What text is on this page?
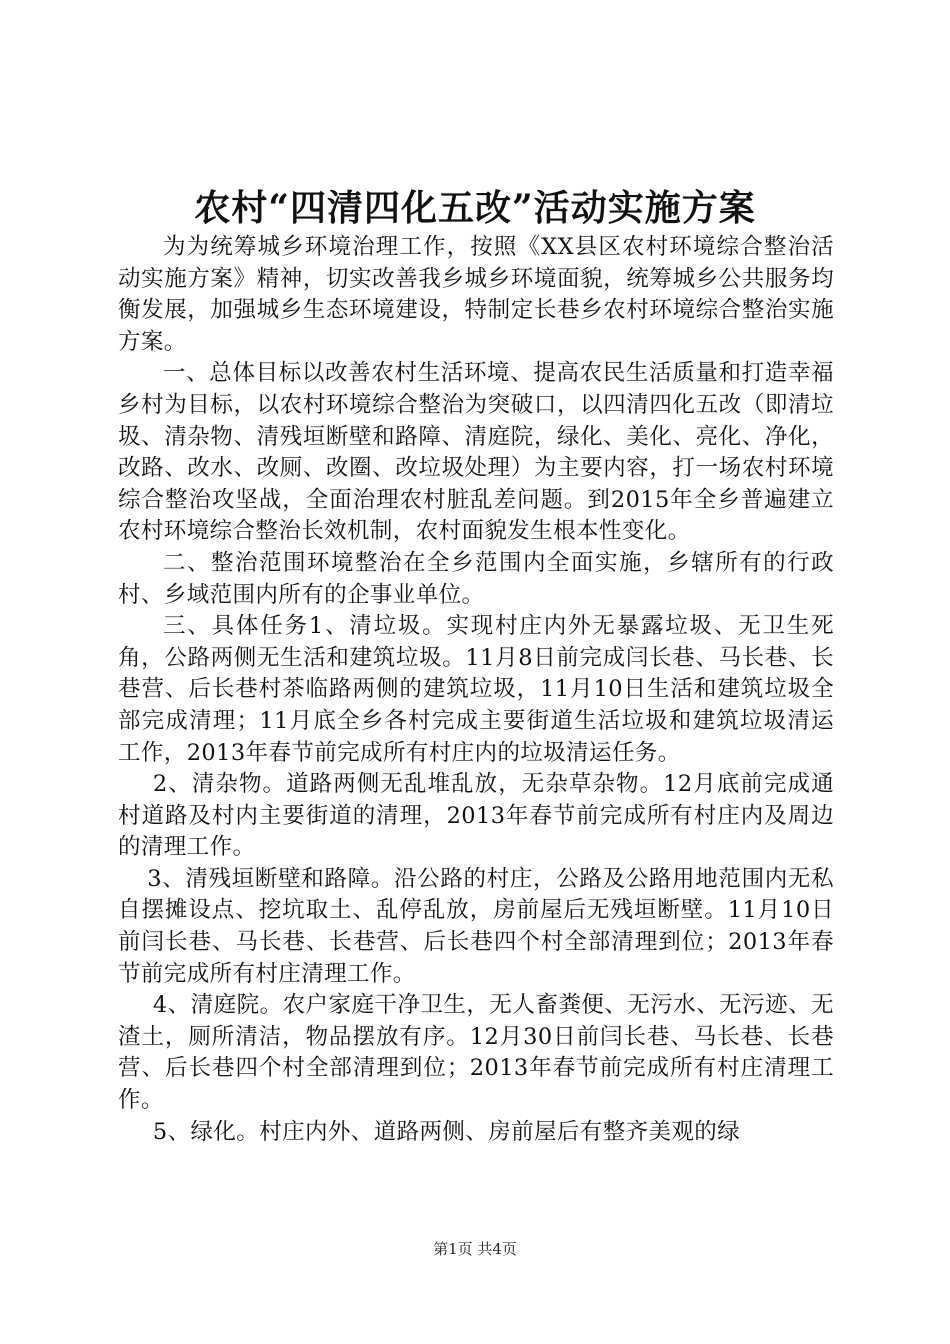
农村“四清四化五改”活动实施方案

为为统筹城乡环境治理工作，按照《XX县区农村环境综合整治活动实施方案》精神，切实改善我乡城乡环境面貌，统筹城乡公共服务均衡发展，加强城乡生态环境建设，特制定长巷乡农村环境综合整治实施方案。

一、总体目标以改善农村生活环境、提高农民生活质量和打造幸福乡村为目标，以农村环境综合整治为突破口，以四清四化五改（即清垃圾、清杂物、清残垣断壁和路障、清庭院，绿化、美化、亮化、净化，改路、改水、改厕、改圈、改垃圾处理）为主要内容，打一场农村环境综合整治攻坚战，全面治理农村脏乱差问题。到2015年全乡普遍建立农村环境综合整治长效机制，农村面貌发生根本性变化。

二、整治范围环境整治在全乡范围内全面实施，乡辖所有的行政村、乡域范围内所有的企事业单位。

三、具体任务1、清垃圾。实现村庄内外无暴露垃圾、无卫生死角，公路两侧无生活和建筑垃圾。11月8日前完成闫长巷、马长巷、长巷营、后长巷村茶临路两侧的建筑垃圾，11月10日生活和建筑垃圾全部完成清理；11月底全乡各村完成主要街道生活垃圾和建筑垃圾清运工作，2013年春节前完成所有村庄内的垃圾清运任务。

2、清杂物。道路两侧无乱堆乱放，无杂草杂物。12月底前完成通村道路及村内主要街道的清理，2013年春节前完成所有村庄内及周边的清理工作。

3、清残垣断壁和路障。沿公路的村庄，公路及公路用地范围内无私自摆摊设点、挖坑取土、乱停乱放，房前屋后无残垣断壁。11月10日前闫长巷、马长巷、长巷营、后长巷四个村全部清理到位；2013年春节前完成所有村庄清理工作。

4、清庭院。农户家庭干净卫生，无人畜粪便、无污水、无污迹、无渣土，厕所清洁，物品摆放有序。12月30日前闫长巷、马长巷、长巷营、后长巷四个村全部清理到位；2013年春节前完成所有村庄清理工作。

5、绿化。村庄内外、道路两侧、房前屋后有整齐美观的绿

第1页 共4页
